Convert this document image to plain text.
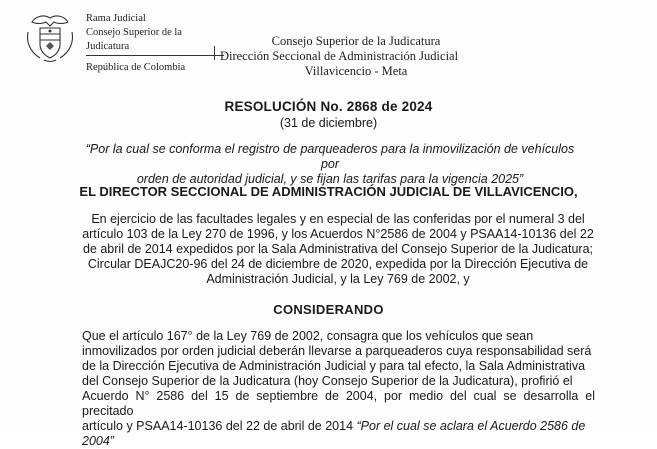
Rama Judicial
Consejo Superior de la Judicatura
República de Colombia
Consejo Superior de la Judicatura
Dirección Seccional de Administración Judicial
Villavicencio - Meta
RESOLUCIÓN No. 2868 de 2024
(31 de diciembre)
“Por la cual se conforma el registro de parqueaderos para la inmovilización de vehículos por
orden de autoridad judicial, y se fijan las tarifas para la vigencia 2025”
EL DIRECTOR SECCIONAL DE ADMINISTRACIÓN JUDICIAL DE VILLAVICENCIO,
En ejercicio de las facultades legales y en especial de las conferidas por el numeral 3 del
artículo 103 de la Ley 270 de 1996, y los Acuerdos N°2586 de 2004 y PSAA14-10136 del 22
de abril de 2014 expedidos por la Sala Administrativa del Consejo Superior de la Judicatura;
Circular DEAJC20-96 del 24 de diciembre de 2020, expedida por la Dirección Ejecutiva de
Administración Judicial, y la Ley 769 de 2002, y
CONSIDERANDO
Que el artículo 167° de la Ley 769 de 2002, consagra que los vehículos que sean
inmovilizados por orden judicial deberán llevarse a parqueaderos cuya responsabilidad será
de la Dirección Ejecutiva de Administración Judicial y para tal efecto, la Sala Administrativa
del Consejo Superior de la Judicatura (hoy Consejo Superior de la Judicatura), profirió el
Acuerdo N° 2586 del 15 de septiembre de 2004, por medio del cual se desarrolla el precitado
artículo y PSAA14-10136 del 22 de abril de 2014 “Por el cual se aclara el Acuerdo 2586 de
2004”
